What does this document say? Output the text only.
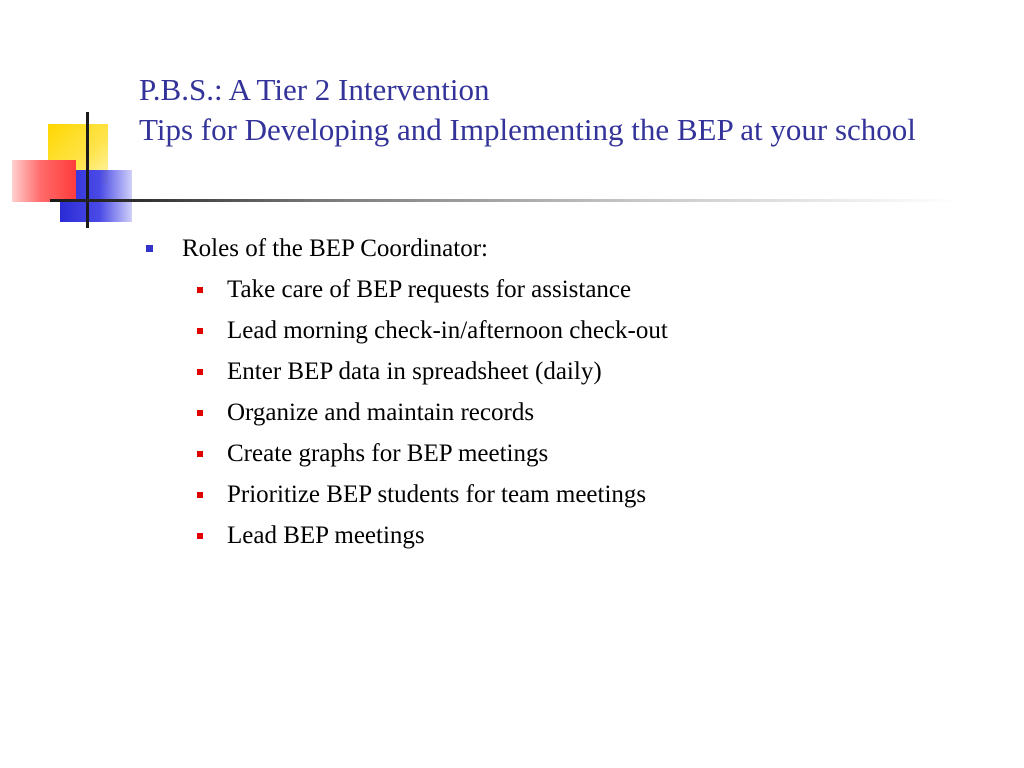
P.B.S.: A Tier 2 Intervention
Tips for Developing and Implementing the BEP at your school
Roles of the BEP Coordinator:
Take care of BEP requests for assistance
Lead morning check-in/afternoon check-out
Enter BEP data in spreadsheet (daily)
Organize and maintain records
Create graphs for BEP meetings
Prioritize BEP students for team meetings
Lead BEP meetings
